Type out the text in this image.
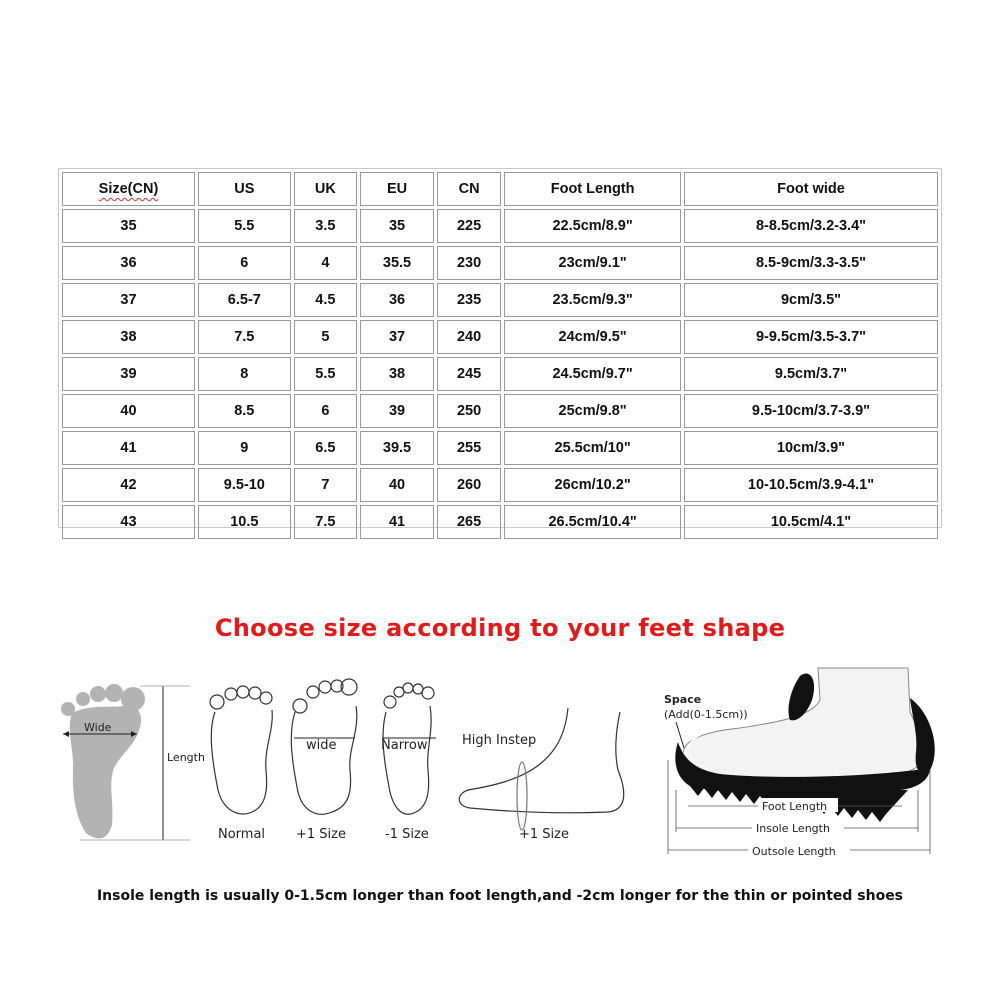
Size(CN)	US	UK	EU	CN	Foot Length	Foot wide
35	5.5	3.5	35	225	22.5cm/8.9"	8-8.5cm/3.2-3.4"
36	6	4	35.5	230	23cm/9.1"	8.5-9cm/3.3-3.5"
37	6.5-7	4.5	36	235	23.5cm/9.3"	9cm/3.5"
38	7.5	5	37	240	24cm/9.5"	9-9.5cm/3.5-3.7"
39	8	5.5	38	245	24.5cm/9.7"	9.5cm/3.7"
40	8.5	6	39	250	25cm/9.8"	9.5-10cm/3.7-3.9"
41	9	6.5	39.5	255	25.5cm/10"	10cm/3.9"
42	9.5-10	7	40	260	26cm/10.2"	10-10.5cm/3.9-4.1"
43	10.5	7.5	41	265	26.5cm/10.4"	10.5cm/4.1"
Choose size according to your feet shape
Wide
Length
Normal
wide
+1 Size
Narrow
-1 Size
High Instep
+1 Size
Space
(Add(0-1.5cm))
Foot Length
Insole Length
Outsole Length
Insole length is usually 0-1.5cm longer than foot length,and -2cm longer for the thin or pointed shoes
